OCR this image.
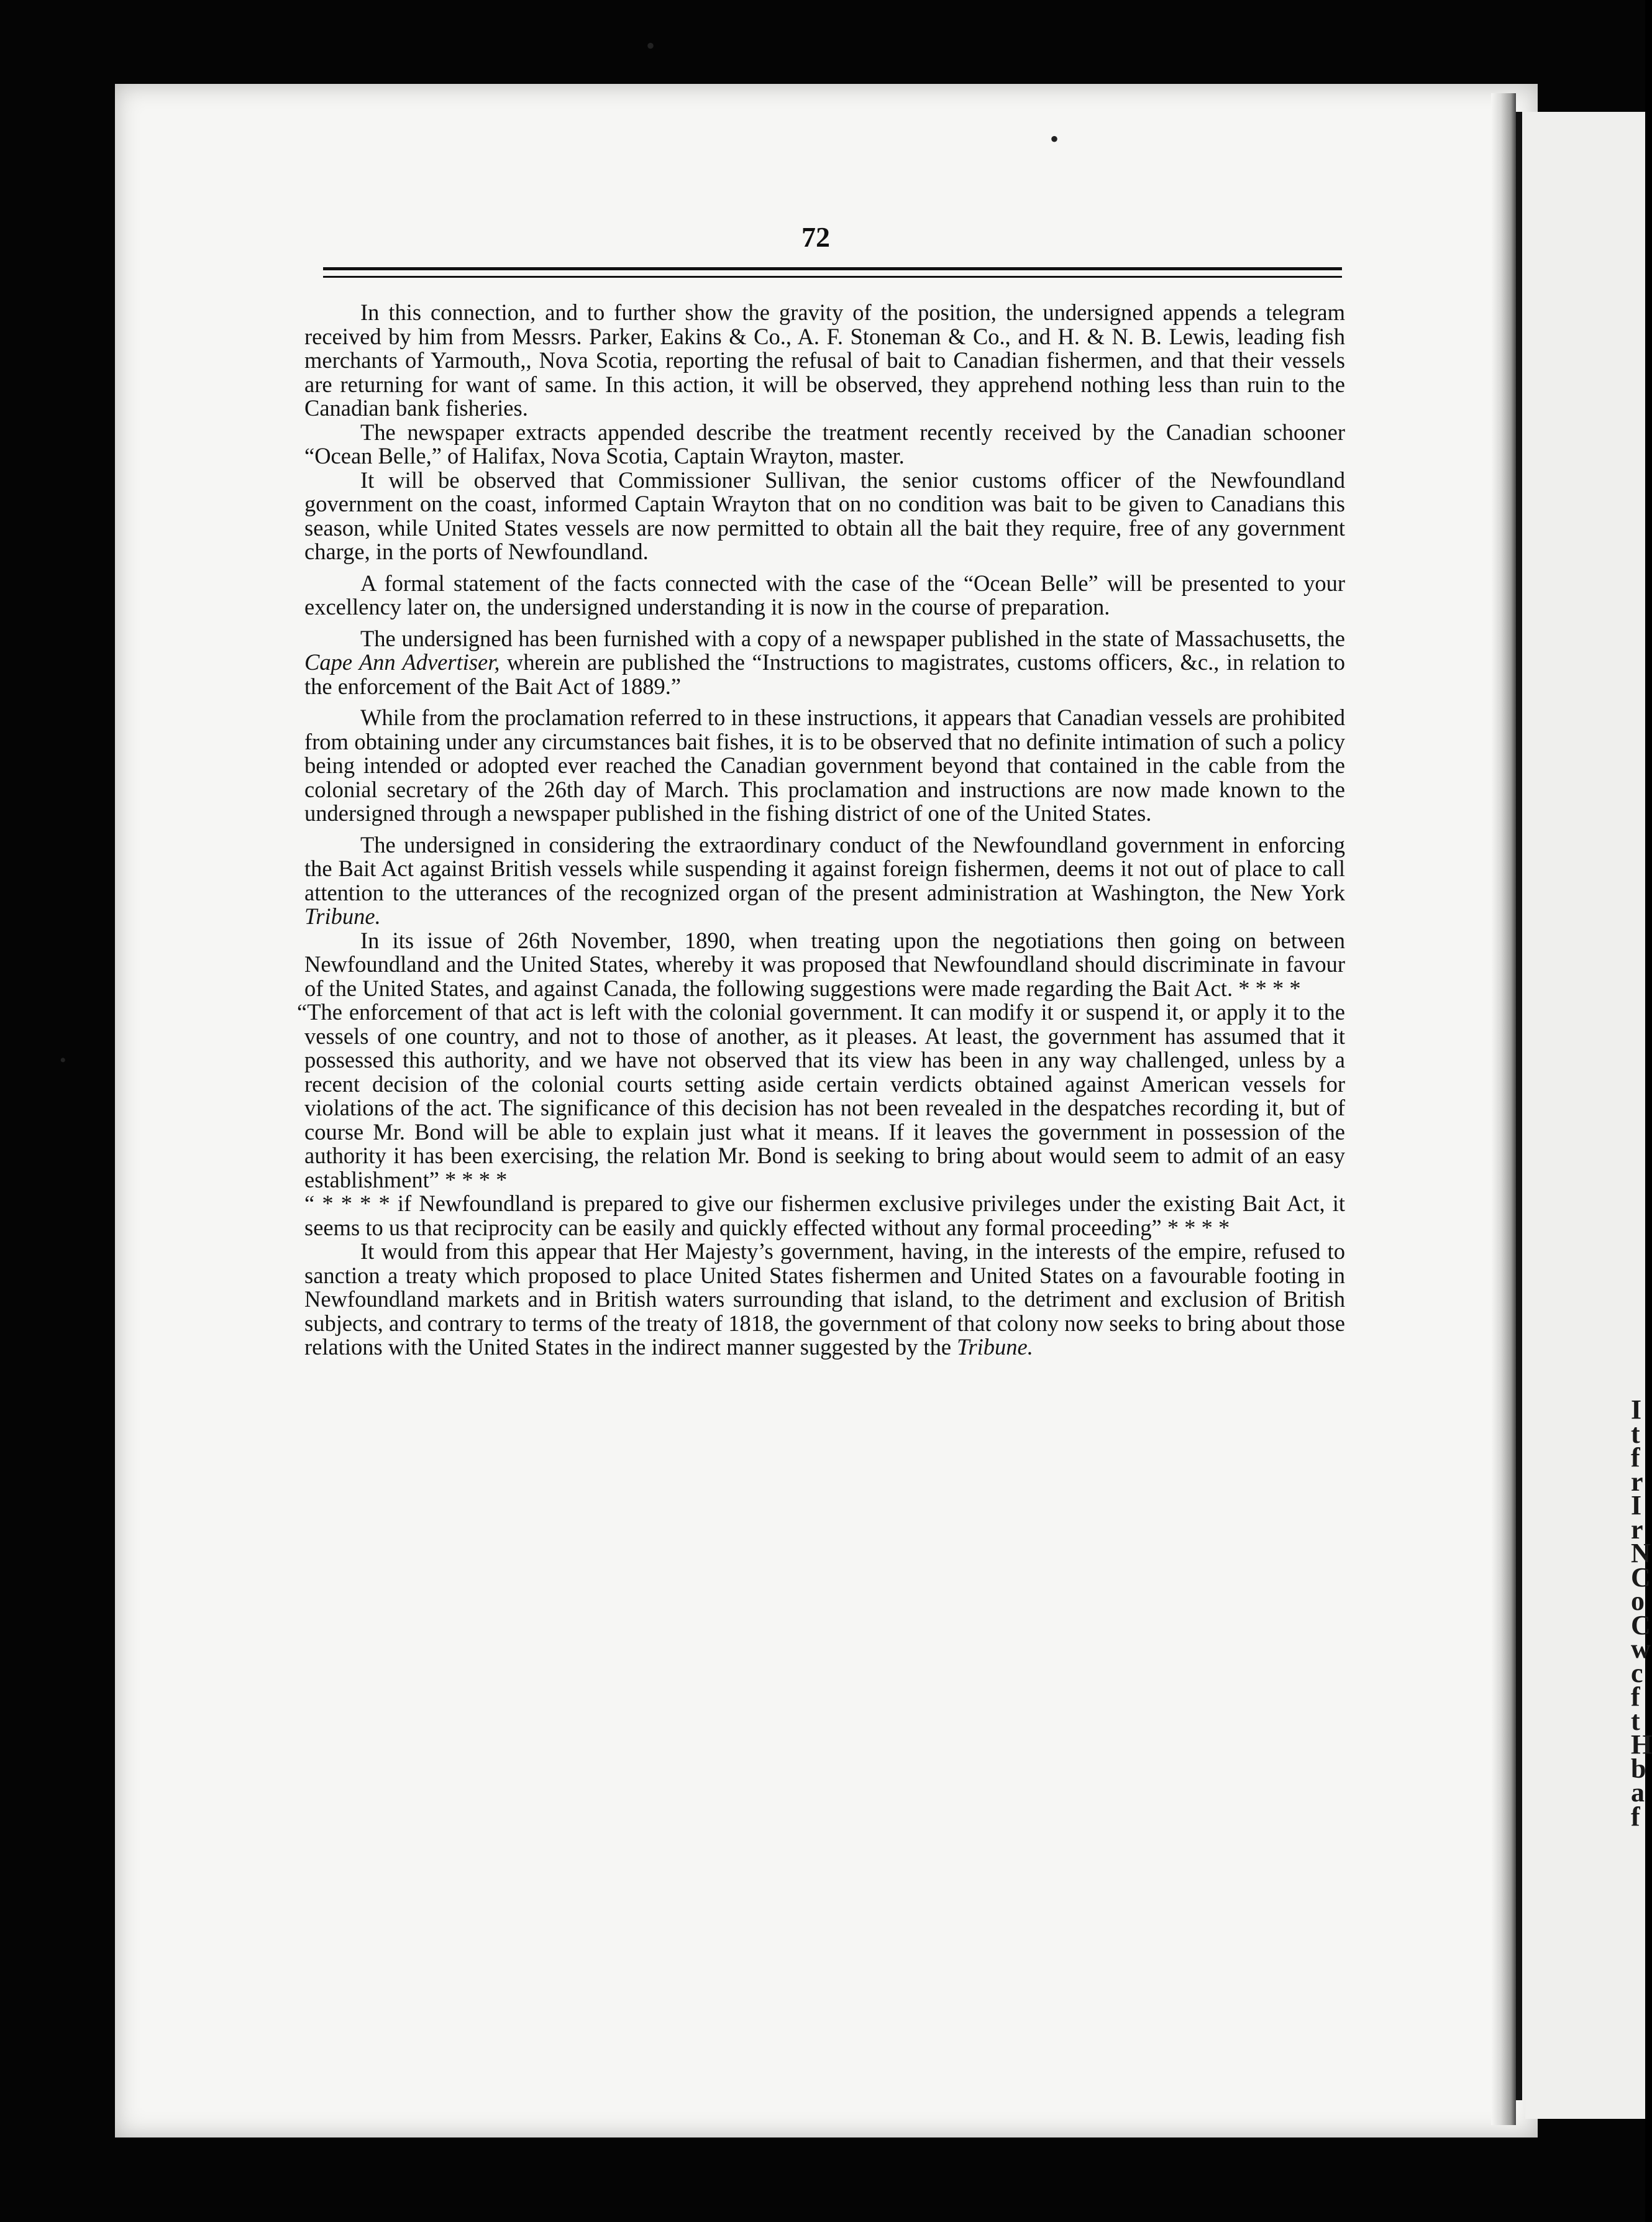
I
t
f
r
I
r
N
C
o
C
w
c
f
t
H
b
a
f
•
•
•
72

In this connection, and to further show the gravity of the position, the undersigned appends a telegram received by him from Messrs. Parker, Eakins & Co., A. F. Stoneman & Co., and H. & N. B. Lewis, leading fish merchants of Yarmouth,, Nova Scotia, reporting the refusal of bait to Canadian fishermen, and that their vessels are returning for want of same. In this action, it will be observed, they apprehend nothing less than ruin to the Canadian bank fisheries.

The newspaper extracts appended describe the treatment recently received by the Canadian schooner “Ocean Belle,” of Halifax, Nova Scotia, Captain Wrayton, master.

It will be observed that Commissioner Sullivan, the senior customs officer of the Newfoundland government on the coast, informed Captain Wrayton that on no condition was bait to be given to Canadians this season, while United States vessels are now permitted to obtain all the bait they require, free of any government charge, in the ports of Newfoundland.

A formal statement of the facts connected with the case of the “Ocean Belle” will be presented to your excellency later on, the undersigned understanding it is now in the course of preparation.

The undersigned has been furnished with a copy of a newspaper published in the state of Massachusetts, the Cape Ann Advertiser, wherein are published the “Instructions to magistrates, customs officers, &c., in relation to the enforcement of the Bait Act of 1889.”

While from the proclamation referred to in these instructions, it appears that Canadian vessels are prohibited from obtaining under any circumstances bait fishes, it is to be observed that no definite intimation of such a policy being intended or adopted ever reached the Canadian government beyond that contained in the cable from the colonial secretary of the 26th day of March. This proclamation and instructions are now made known to the undersigned through a newspaper published in the fishing district of one of the United States.

The undersigned in considering the extraordinary conduct of the Newfoundland government in enforcing the Bait Act against British vessels while suspending it against foreign fishermen, deems it not out of place to call attention to the utterances of the recognized organ of the present administration at Washington, the New York Tribune.

In its issue of 26th November, 1890, when treating upon the negotiations then going on between Newfoundland and the United States, whereby it was proposed that Newfoundland should discriminate in favour of the United States, and against Canada, the following suggestions were made regarding the Bait Act. * * * *

“The enforcement of that act is left with the colonial government. It can modify it or suspend it, or apply it to the vessels of one country, and not to those of another, as it pleases. At least, the government has assumed that it possessed this authority, and we have not observed that its view has been in any way challenged, unless by a recent decision of the colonial courts setting aside certain verdicts obtained against American vessels for violations of the act. The significance of this decision has not been revealed in the despatches recording it, but of course Mr. Bond will be able to explain just what it means. If it leaves the government in possession of the authority it has been exercising, the relation Mr. Bond is seeking to bring about would seem to admit of an easy establishment” * * * *

“ * * * * if Newfoundland is prepared to give our fishermen exclusive privileges under the existing Bait Act, it seems to us that reciprocity can be easily and quickly effected without any formal proceeding” * * * *

It would from this appear that Her Majesty’s government, having, in the interests of the empire, refused to sanction a treaty which proposed to place United States fishermen and United States on a favourable footing in Newfoundland markets and in British waters surrounding that island, to the detriment and exclusion of British subjects, and contrary to terms of the treaty of 1818, the government of that colony now seeks to bring about those relations with the United States in the indirect manner suggested by the Tribune.
